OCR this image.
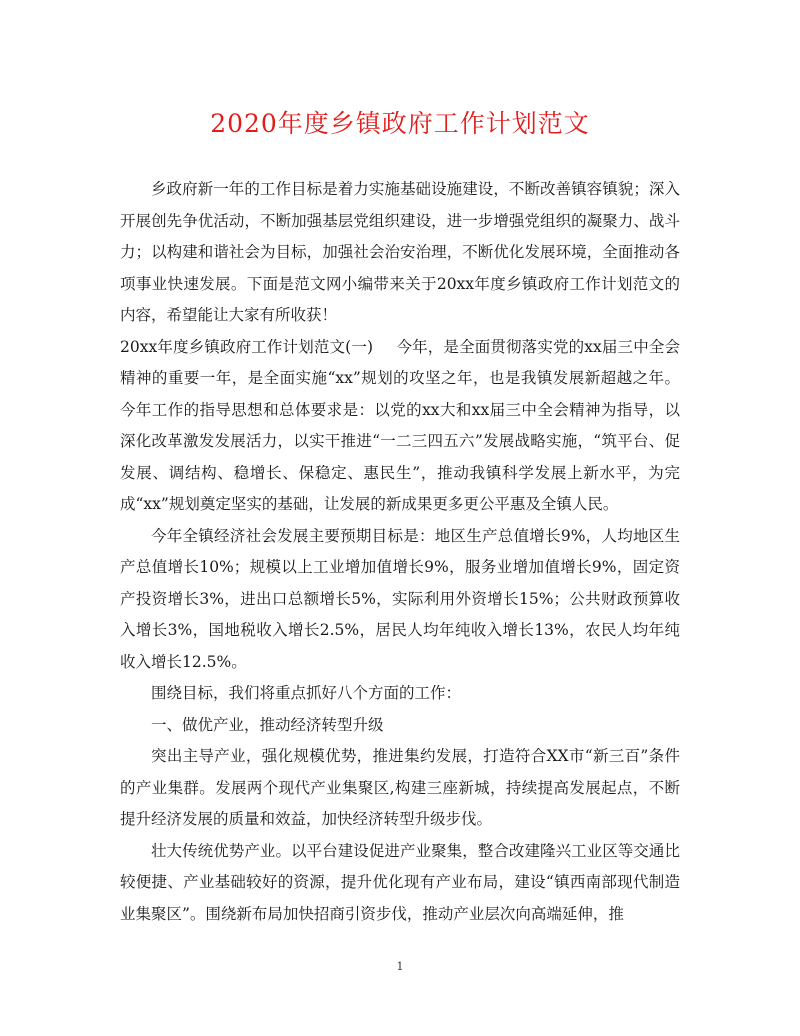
2020年度乡镇政府工作计划范文

乡政府新一年的工作目标是着力实施基础设施建设，不断改善镇容镇貌；深入开展创先争优活动，不断加强基层党组织建设，进一步增强党组织的凝聚力、战斗力；以构建和谐社会为目标，加强社会治安治理，不断优化发展环境，全面推动各项事业快速发展。下面是范文网小编带来关于20xx年度乡镇政府工作计划范文的内容，希望能让大家有所收获！

20xx年度乡镇政府工作计划范文(一) 今年，是全面贯彻落实党的xx届三中全会精神的重要一年，是全面实施“xx”规划的攻坚之年，也是我镇发展新超越之年。今年工作的指导思想和总体要求是：以党的xx大和xx届三中全会精神为指导，以深化改革激发发展活力，以实干推进“一二三四五六”发展战略实施，“筑平台、促发展、调结构、稳增长、保稳定、惠民生”，推动我镇科学发展上新水平，为完成“xx”规划奠定坚实的基础，让发展的新成果更多更公平惠及全镇人民。

今年全镇经济社会发展主要预期目标是：地区生产总值增长9%，人均地区生产总值增长10%；规模以上工业增加值增长9%，服务业增加值增长9%，固定资产投资增长3%，进出口总额增长5%，实际利用外资增长15%；公共财政预算收入增长3%，国地税收入增长2.5%，居民人均年纯收入增长13%，农民人均年纯收入增长12.5%。

围绕目标，我们将重点抓好八个方面的工作：

一、做优产业，推动经济转型升级

突出主导产业，强化规模优势，推进集约发展，打造符合XX市“新三百”条件的产业集群。发展两个现代产业集聚区,构建三座新城，持续提高发展起点，不断提升经济发展的质量和效益，加快经济转型升级步伐。

壮大传统优势产业。以平台建设促进产业聚集，整合改建隆兴工业区等交通比较便捷、产业基础较好的资源，提升优化现有产业布局，建设“镇西南部现代制造业集聚区”。围绕新布局加快招商引资步伐，推动产业层次向高端延伸，推

1
